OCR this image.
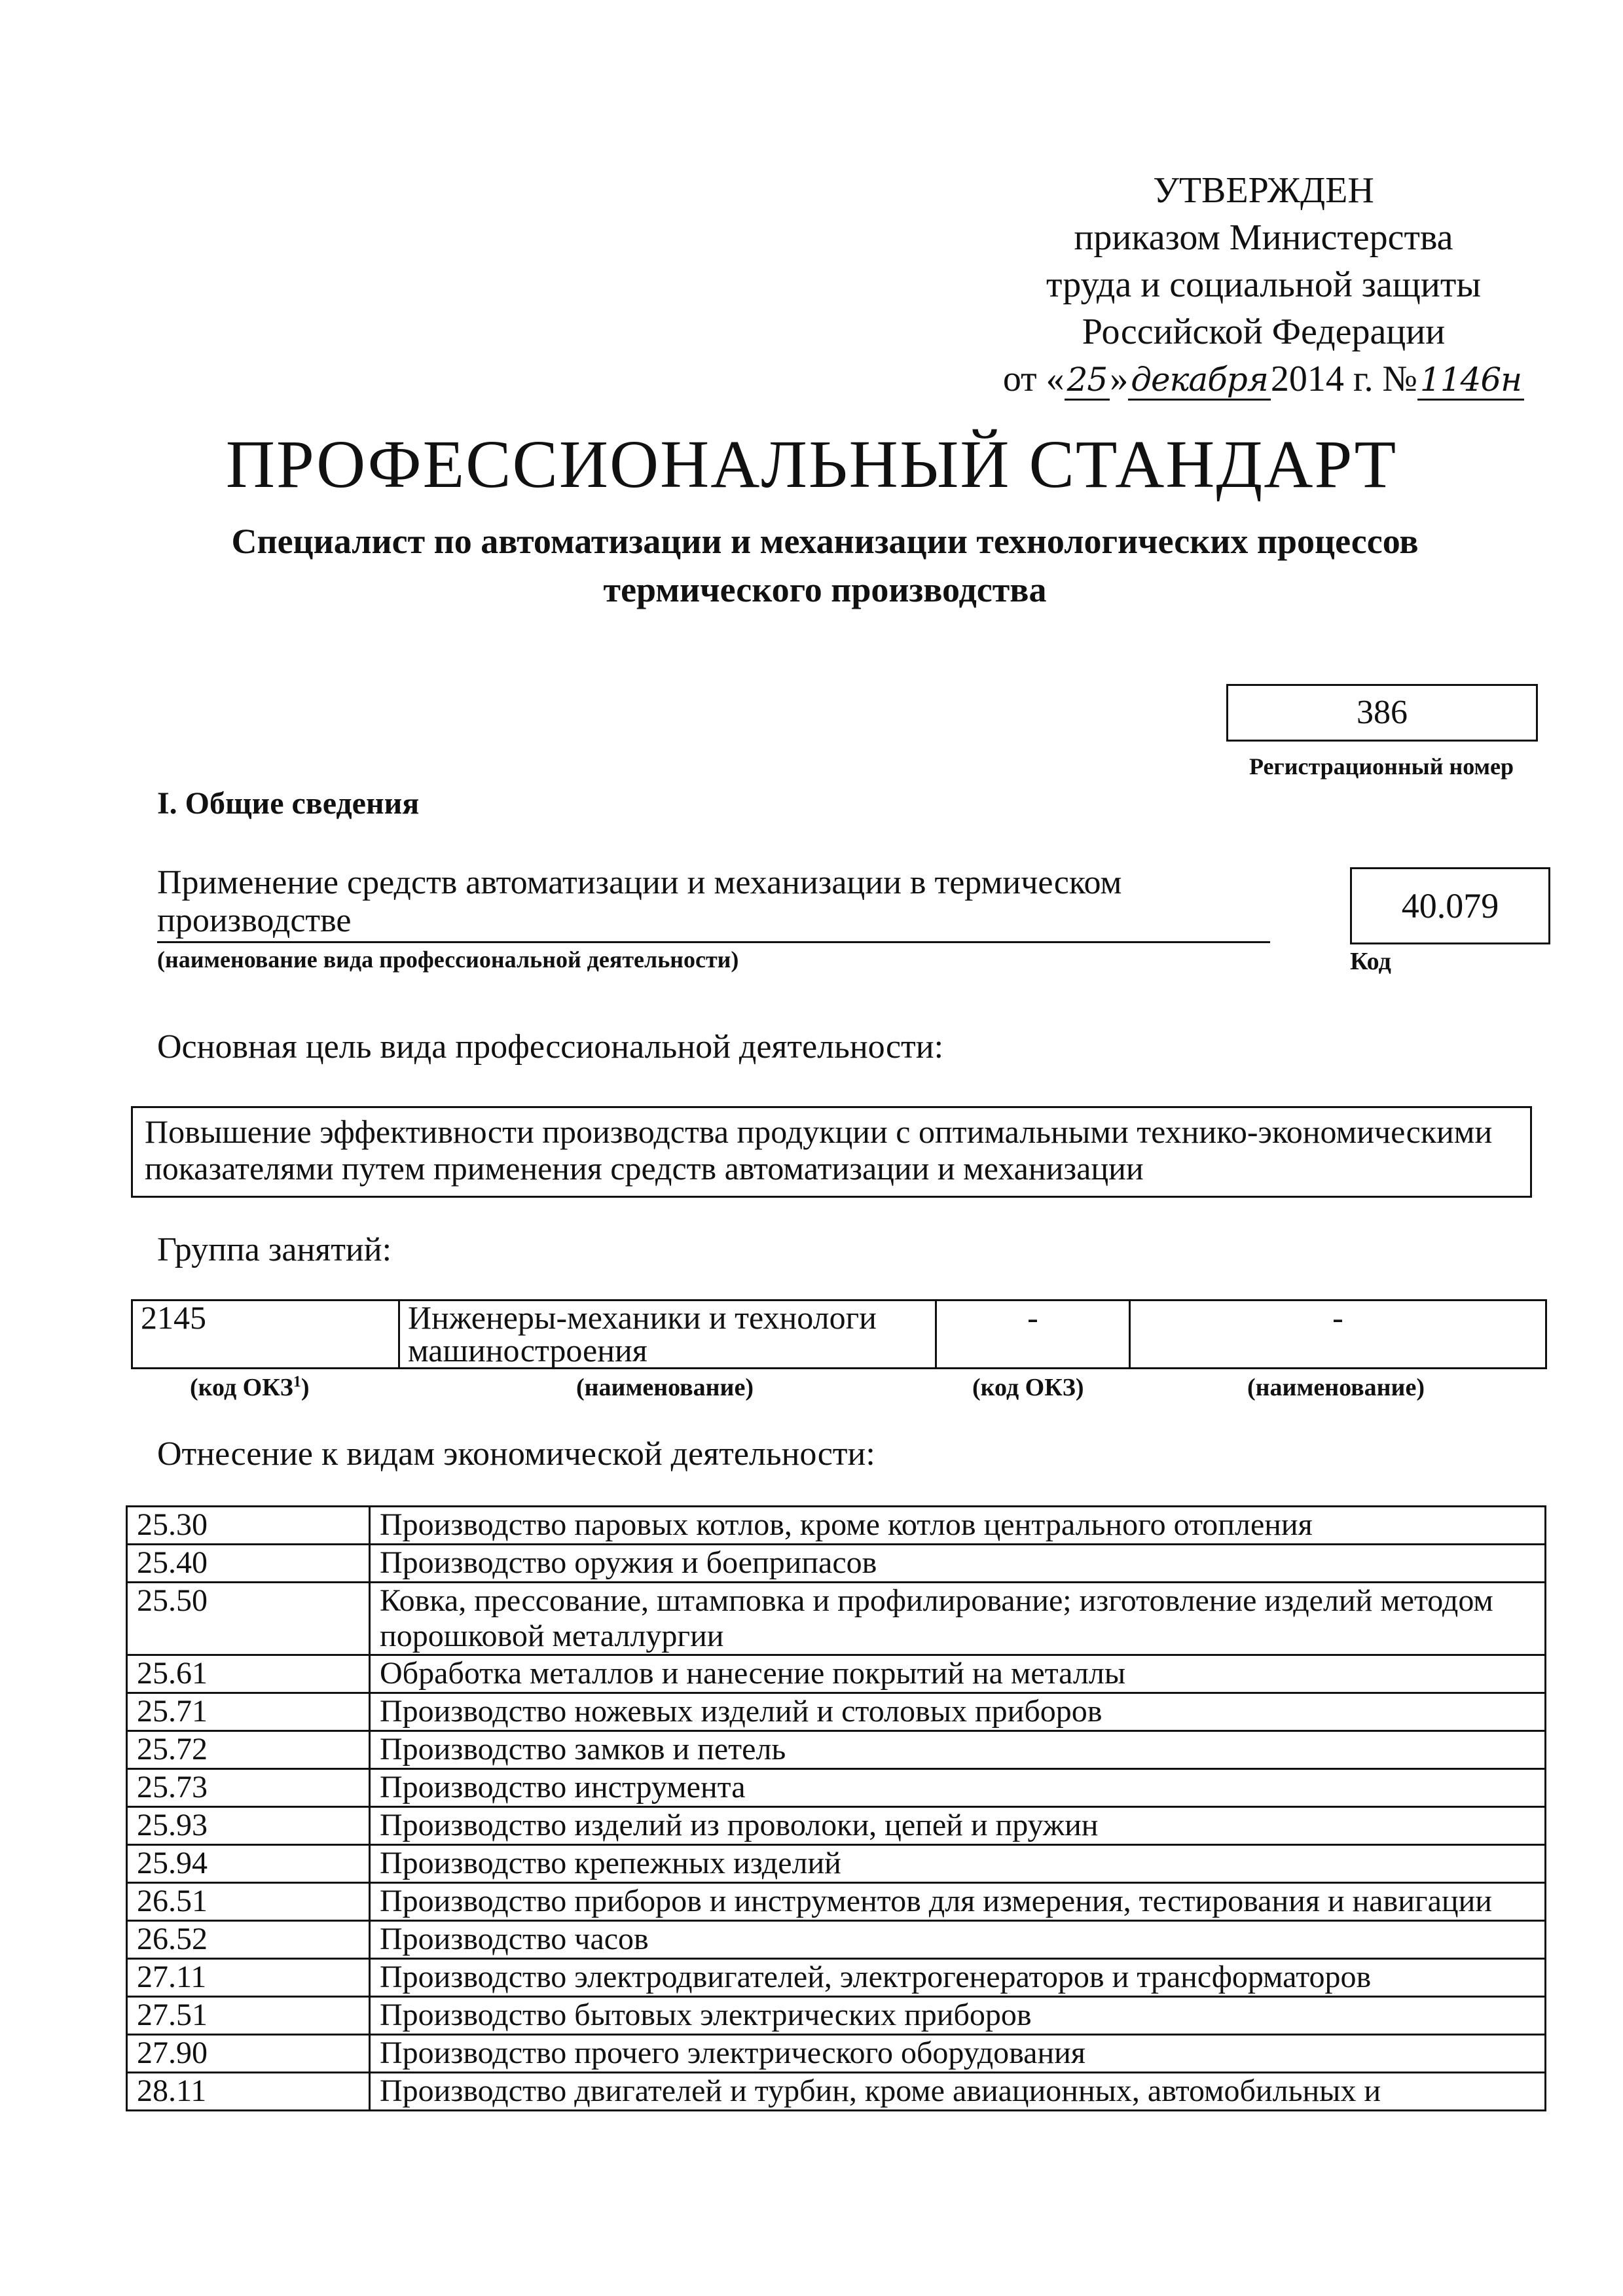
УТВЕРЖДЕН
приказом Министерства
труда и социальной защиты
Российской Федерации
от «25»декабря2014 г. №1146н
ПРОФЕССИОНАЛЬНЫЙ СТАНДАРТ
Специалист по автоматизации и механизации технологических процессов термического производства
386
Регистрационный номер
I. Общие сведения
Применение средств автоматизации и механизации в термическом производстве
(наименование вида профессиональной деятельности)
40.079
Код
Основная цель вида профессиональной деятельности:
Повышение эффективности производства продукции с оптимальными технико-экономическими показателями путем применения средств автоматизации и механизации
Группа занятий:
2145	Инженеры-механики и технологи машиностроения	-	-
(код ОКЗ$^1$)	(наименование)	(код ОКЗ)	(наименование)
Отнесение к видам экономической деятельности:
25.30	Производство паровых котлов, кроме котлов центрального отопления
25.40	Производство оружия и боеприпасов
25.50	Ковка, прессование, штамповка и профилирование; изготовление изделий методом порошковой металлургии
25.61	Обработка металлов и нанесение покрытий на металлы
25.71	Производство ножевых изделий и столовых приборов
25.72	Производство замков и петель
25.73	Производство инструмента
25.93	Производство изделий из проволоки, цепей и пружин
25.94	Производство крепежных изделий
26.51	Производство приборов и инструментов для измерения, тестирования и навигации
26.52	Производство часов
27.11	Производство электродвигателей, электрогенераторов и трансформаторов
27.51	Производство бытовых электрических приборов
27.90	Производство прочего электрического оборудования
28.11	Производство двигателей и турбин, кроме авиационных, автомобильных и
